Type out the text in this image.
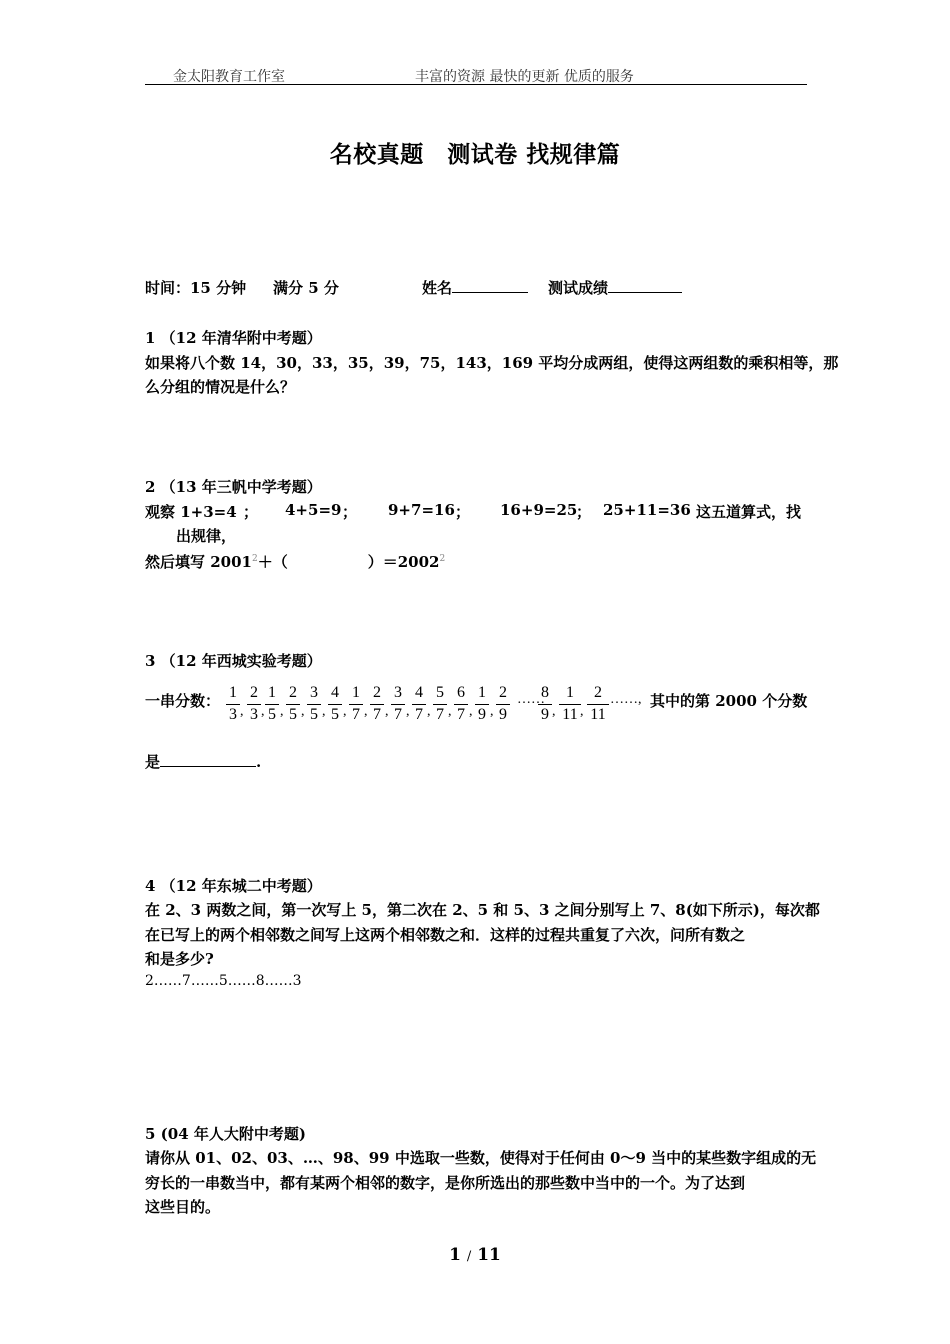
金太阳教育工作室	丰富的资源 最快的更新 优质的服务
名校真题　测试卷 找规律篇
时间：15 分钟 满分 5 分	姓名	测试成绩
1 （12 年清华附中考题）
如果将八个数 14，30，33，35，39，75，143，169 平均分成两组，使得这两组数的乘积相等，那
么分组的情况是什么？
2 （13 年三帆中学考题）
观察 1+3=4 ； 4+5=9 ； 9+7=16 ； 16+9=25
； 25+11=36 这五道算式，找
出规律，
然后填写 $2001^2+$（	）$=2002^2$
3 （12 年西城实验考题）
一串分数： 1
3 ,
2
3 ,
1
5 ,
2
5 ,
3
5 ,
4
5 ,
1
7 ,
2
7 ,
3
7 ,
4
7 ,
5
7 ,
6
7 ,
1
9 ,
2
9
8
9 ,
1
11 ,
2
11
……	……, 其中的第 2000 个分数
是	.
4 （12 年东城二中考题）
在 2、3 两数之间，第一次写上 5，第二次在 2、5 和 5、3 之间分别写上 7、8(如下所示)，每次都
在已写上的两个相邻数之间写上这两个相邻数之和．这样的过程共重复了六次，问所有数之
和是多少?
2……7……5……8……3
5 (04 年人大附中考题)
请你从 01、02、03、…、98、99 中选取一些数，使得对于任何由 0～9 当中的某些数字组成的无
穷长的一串数当中，都有某两个相邻的数字，是你所选出的那些数中当中的一个。为了达到
这些目的。
1 / 11
